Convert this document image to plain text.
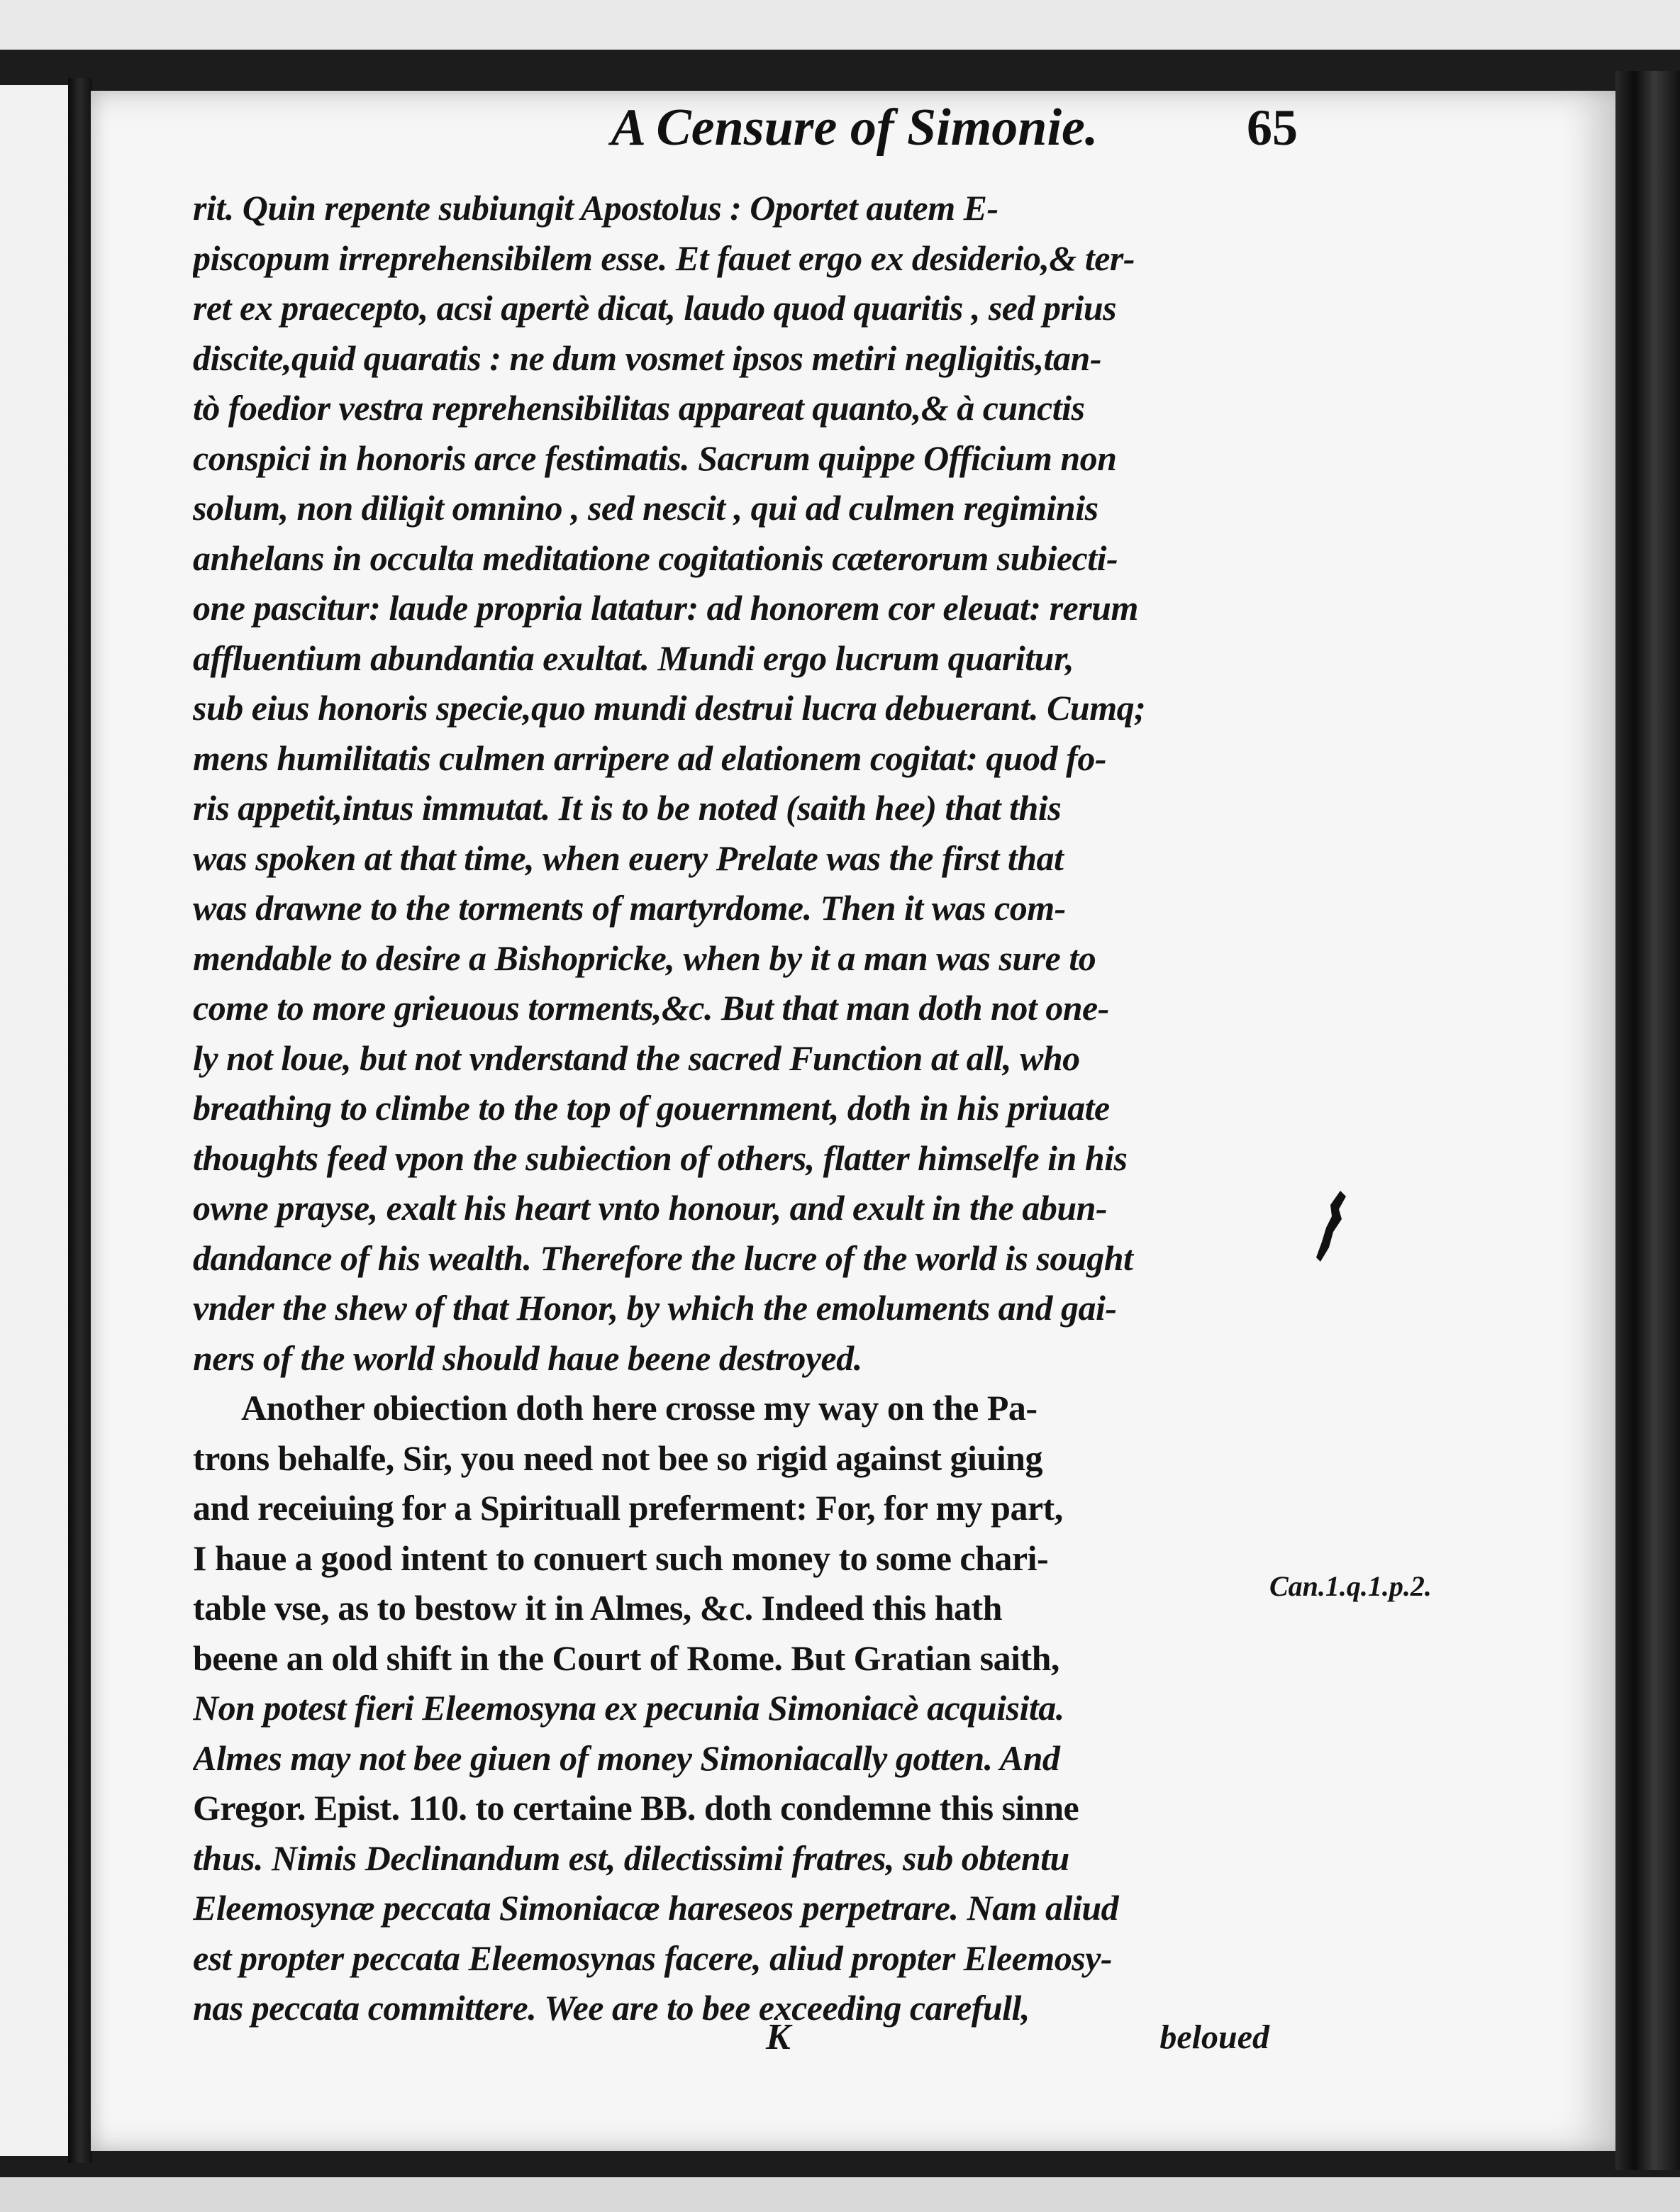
A Censure of Simonie.	65
rit. Quin repente subiungit Apostolus : Oportet autem E-
piscopum irreprehensibilem esse. Et fauet ergo ex desiderio,& ter-
ret ex praecepto, acsi apertè dicat, laudo quod quaritis , sed prius
discite,quid quaratis : ne dum vosmet ipsos metiri negligitis,tan-
tò foedior vestra reprehensibilitas appareat quanto,& à cunctis
conspici in honoris arce festimatis. Sacrum quippe Officium non
solum, non diligit omnino , sed nescit , qui ad culmen regiminis
anhelans in occulta meditatione cogitationis cæterorum subiecti-
one pascitur: laude propria latatur: ad honorem cor eleuat: rerum
affluentium abundantia exultat. Mundi ergo lucrum quaritur,
sub eius honoris specie,quo mundi destrui lucra debuerant. Cumq;
mens humilitatis culmen arripere ad elationem cogitat: quod fo-
ris appetit,intus immutat. It is to be noted (saith hee) that this
was spoken at that time, when euery Prelate was the first that
was drawne to the torments of martyrdome. Then it was com-
mendable to desire a Bishopricke, when by it a man was sure to
come to more grieuous torments,&c. But that man doth not one-
ly not loue, but not vnderstand the sacred Function at all, who
breathing to climbe to the top of gouernment, doth in his priuate
thoughts feed vpon the subiection of others, flatter himselfe in his
owne prayse, exalt his heart vnto honour, and exult in the abun-
dandance of his wealth. Therefore the lucre of the world is sought
vnder the shew of that Honor, by which the emoluments and gai-
ners of the world should haue beene destroyed.
Another obiection doth here crosse my way on the Pa-
trons behalfe, Sir, you need not bee so rigid against giuing
and receiuing for a Spirituall preferment: For, for my part,
I haue a good intent to conuert such money to some chari-
table vse, as to bestow it in Almes, &c. Indeed this hath
beene an old shift in the Court of Rome. But Gratian saith,
Non potest fieri Eleemosyna ex pecunia Simoniacè acquisita.
Almes may not bee giuen of money Simoniacally gotten. And
Gregor. Epist. 110. to certaine BB. doth condemne this sinne
thus. Nimis Declinandum est, dilectissimi fratres, sub obtentu
Eleemosynæ peccata Simoniacæ hareseos perpetrare. Nam aliud
est propter peccata Eleemosynas facere, aliud propter Eleemosy-
nas peccata committere. Wee are to bee exceeding carefull,
Can.1.q.1.p.2.
K	beloued
